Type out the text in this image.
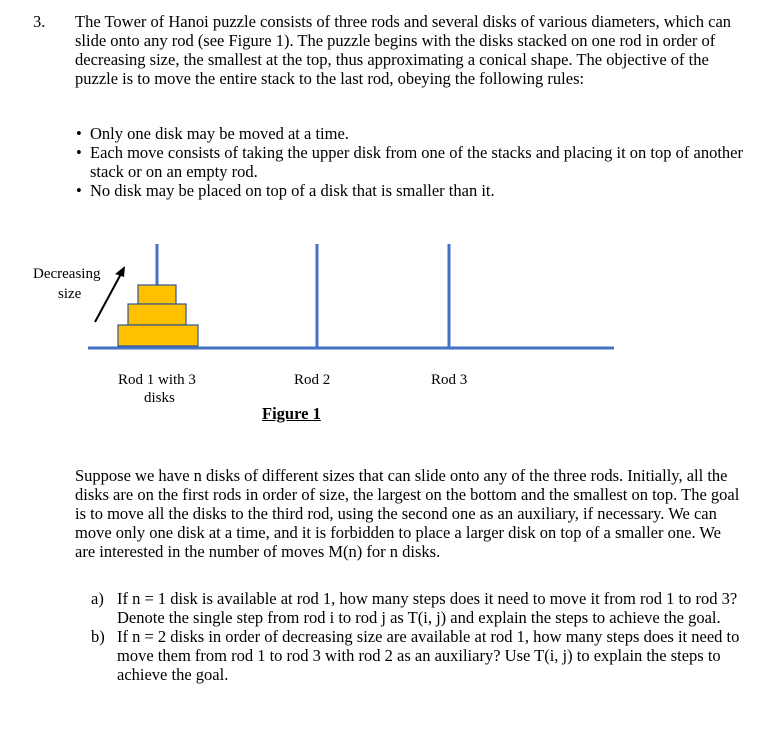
3. The Tower of Hanoi puzzle consists of three rods and several disks of various diameters, which can slide onto any rod (see Figure 1). The puzzle begins with the disks stacked on one rod in order of decreasing size, the smallest at the top, thus approximating a conical shape. The objective of the puzzle is to move the entire stack to the last rod, obeying the following rules:
• Only one disk may be moved at a time.
• Each move consists of taking the upper disk from one of the stacks and placing it on top of another stack or on an empty rod.
• No disk may be placed on top of a disk that is smaller than it.
Decreasing
size
Rod 1 with 3
disks
Rod 2	Rod 3
Figure 1
Suppose we have n disks of different sizes that can slide onto any of the three rods. Initially, all the disks are on the first rods in order of size, the largest on the bottom and the smallest on top. The goal is to move all the disks to the third rod, using the second one as an auxiliary, if necessary. We can move only one disk at a time, and it is forbidden to place a larger disk on top of a smaller one. We are interested in the number of moves M(n) for n disks.
a) If n = 1 disk is available at rod 1, how many steps does it need to move it from rod 1 to rod 3? Denote the single step from rod i to rod j as T(i, j) and explain the steps to achieve the goal.
b) If n = 2 disks in order of decreasing size are available at rod 1, how many steps does it need to move them from rod 1 to rod 3 with rod 2 as an auxiliary? Use T(i, j) to explain the steps to achieve the goal.
